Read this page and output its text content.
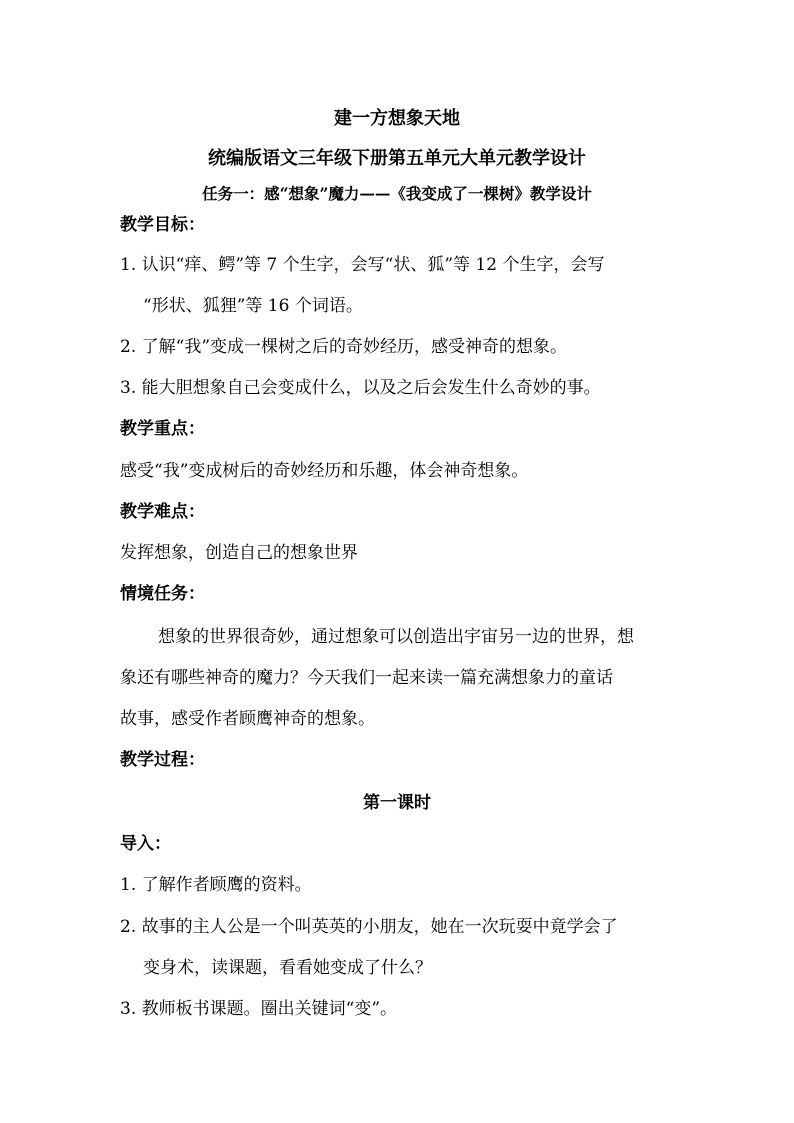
建一方想象天地
统编版语文三年级下册第五单元大单元教学设计
任务一：感“想象”魔力——《我变成了一棵树》教学设计
教学目标：
1. 认识“痒、鳄”等 7 个生字，会写“状、狐”等 12 个生字，会写
“形状、狐狸”等 16 个词语。
2. 了解“我”变成一棵树之后的奇妙经历，感受神奇的想象。
3. 能大胆想象自己会变成什么，以及之后会发生什么奇妙的事。
教学重点：
感受“我”变成树后的奇妙经历和乐趣，体会神奇想象。
教学难点：
发挥想象，创造自己的想象世界
情境任务：
想象的世界很奇妙，通过想象可以创造出宇宙另一边的世界，想
象还有哪些神奇的魔力？今天我们一起来读一篇充满想象力的童话
故事，感受作者顾鹰神奇的想象。
教学过程：
第一课时
导入：
1. 了解作者顾鹰的资料。
2. 故事的主人公是一个叫英英的小朋友，她在一次玩耍中竟学会了
变身术，读课题，看看她变成了什么？
3. 教师板书课题。圈出关键词“变”。
